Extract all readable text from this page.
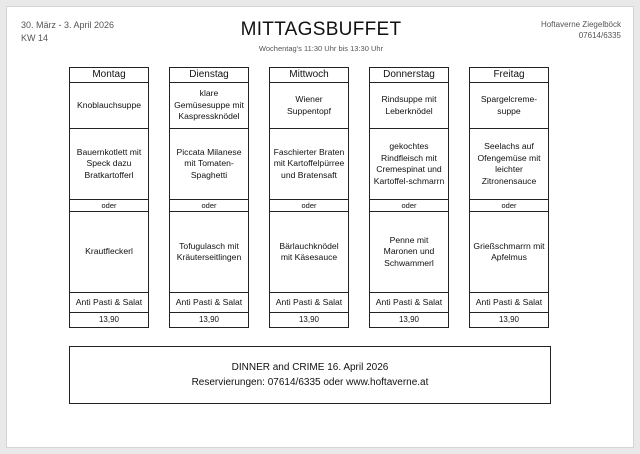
30. März - 3. April 2026
KW 14	MITTAGSBUFFET
Wochentag's 11:30 Uhr bis 13:30 Uhr
Hoftaverne Ziegelböck
07614/6335
Montag
Knoblauchsuppe
Bauernkotlett mit Speck dazu Bratkartofferl
oder
Krautfleckerl
Anti Pasti & Salat
13,90
Dienstag
klare Gemüsesuppe mit Kaspressknödel
Piccata Milanese mit Tomaten-Spaghetti
oder
Tofugulasch mit Kräuterseitlingen
Anti Pasti & Salat
13,90
Mittwoch
Wiener Suppentopf
Faschierter Braten mit Kartoffelpürree und Bratensaft
oder
Bärlauchknödel mit Käsesauce
Anti Pasti & Salat
13,90
Donnerstag
Rindsuppe mit Leberknödel
gekochtes Rindfleisch mit Cremespinat und Kartoffel-schmarrn
oder
Penne mit Maronen und Schwammerl
Anti Pasti & Salat
13,90
Freitag
Spargelcreme-suppe
Seelachs auf Ofengemüse mit leichter Zitronensauce
oder
Grießschmarrn mit Apfelmus
Anti Pasti & Salat
13,90
DINNER and CRIME 16. April 2026
Reservierungen: 07614/6335 oder www.hoftaverne.at
